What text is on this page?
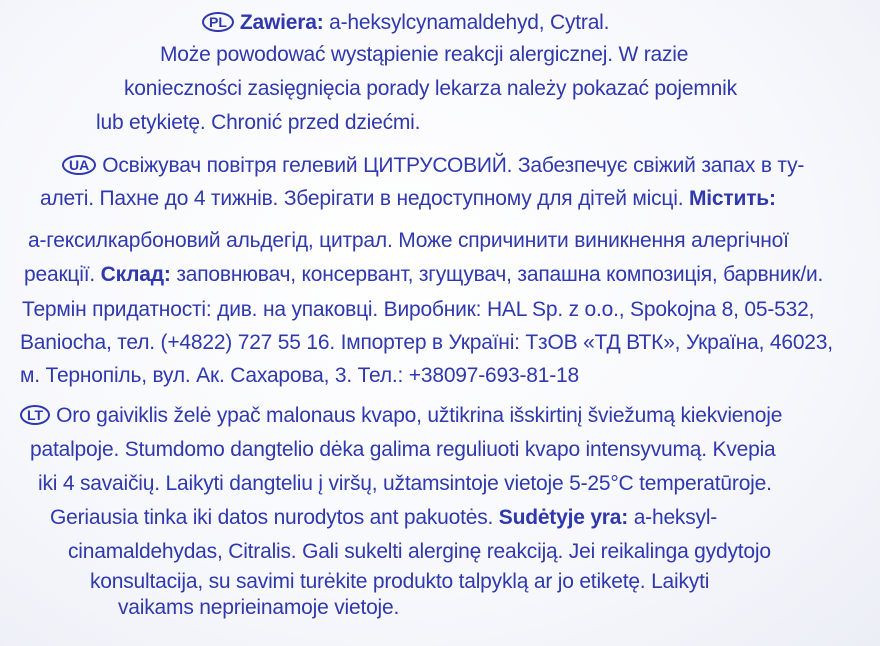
PL Zawiera: a-heksylcynamaldehyd, Cytral.
Może powodować wystąpienie reakcji alergicznej. W razie
konieczności zasięgnięcia porady lekarza należy pokazać pojemnik
lub etykietę. Chronić przed dziećmi.
UA Освіжувач повітря гелевий ЦИТРУСОВИЙ. Забезпечує свіжий запах в ту-
алеті. Пахне до 4 тижнів. Зберігати в недоступному для дітей місці. Містить:
а-гексилкарбоновий альдегід, цитрал. Може спричинити виникнення алергічної
реакції. Склад: заповнювач, консервант, згущувач, запашна композиція, барвник/и.
Термін придатності: див. на упаковці. Виробник: HAL Sp. z o.o., Spokojna 8, 05-532,
Baniocha, тел. (+4822) 727 55 16. Імпортер в Україні: ТзОВ «ТД ВТК», Україна, 46023,
м. Тернопіль, вул. Ак. Сахарова, 3. Тел.: +38097-693-81-18
LT Oro gaiviklis želė ypač malonaus kvapo, užtikrina išskirtinį šviežumą kiekvienoje
patalpoje. Stumdomo dangtelio dėka galima reguliuoti kvapo intensyvumą. Kvepia
iki 4 savaičių. Laikyti dangteliu į viršų, užtamsintoje vietoje 5-25°C temperatūroje.
Geriausia tinka iki datos nurodytos ant pakuotės. Sudėtyje yra: a-heksyl-
cinamaldehydas, Citralis. Gali sukelti alerginę reakciją. Jei reikalinga gydytojo
konsultacija, su savimi turėkite produkto talpyklą ar jo etiketę. Laikyti
vaikams neprieinamoje vietoje.
